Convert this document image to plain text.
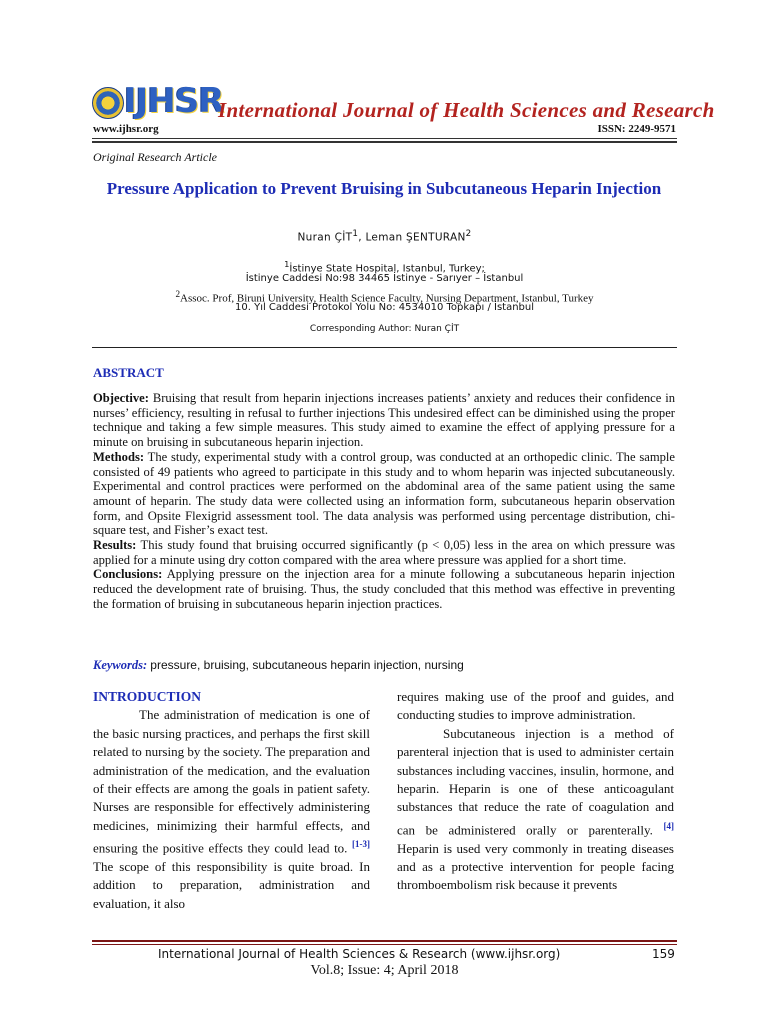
IJHSR
International Journal of Health Sciences and Research
www.ijhsr.org	ISSN: 2249-9571
Original Research Article
Pressure Application to Prevent Bruising in Subcutaneous Heparin Injection
Nuran ÇİT$^1$, Leman ŞENTURAN$^2$
$^1$İstinye State Hospital, Istanbul, Turkey;
İstinye Caddesi No:98 34465 İstinye - Sarıyer – İstanbul
$^2$Assoc. Prof, Biruni University, Health Science Faculty, Nursing Department, Istanbul, Turkey
10. Yıl Caddesi Protokol Yolu No: 4534010 Topkapı / İstanbul
Corresponding Author: Nuran ÇİT
ABSTRACT

Objective: Bruising that result from heparin injections increases patients’ anxiety and reduces their confidence in nurses’ efficiency, resulting in refusal to further injections This undesired effect can be diminished using the proper technique and taking a few simple measures. This study aimed to examine the effect of applying pressure for a minute on bruising in subcutaneous heparin injection.

Methods: The study, experimental study with a control group, was conducted at an orthopedic clinic. The sample consisted of 49 patients who agreed to participate in this study and to whom heparin was injected subcutaneously. Experimental and control practices were performed on the abdominal area of the same patient using the same amount of heparin. The study data were collected using an information form, subcutaneous heparin observation form, and Opsite Flexigrid assessment tool. The data analysis was performed using percentage distribution, chi-square test, and Fisher’s exact test.

Results: This study found that bruising occurred significantly (p < 0,05) less in the area on which pressure was applied for a minute using dry cotton compared with the area where pressure was applied for a short time.

Conclusions: Applying pressure on the injection area for a minute following a subcutaneous heparin injection reduced the development rate of bruising. Thus, the study concluded that this method was effective in preventing the formation of bruising in subcutaneous heparin injection practices.

Keywords: pressure, bruising, subcutaneous heparin injection, nursing

INTRODUCTION

The administration of medication is one of the basic nursing practices, and perhaps the first skill related to nursing by the society. The preparation and administration of the medication, and the evaluation of their effects are among the goals in patient safety. Nurses are responsible for effectively administering medicines, minimizing their harmful effects, and ensuring the positive effects they could lead to. [1-3] The scope of this responsibility is quite broad. In addition to preparation, administration and evaluation, it also

requires making use of the proof and guides, and conducting studies to improve administration.

Subcutaneous injection is a method of parenteral injection that is used to administer certain substances including vaccines, insulin, hormone, and heparin. Heparin is one of these anticoagulant substances that reduce the rate of coagulation and can be administered orally or parenterally. [4] Heparin is used very commonly in treating diseases and as a protective intervention for people facing thromboembolism risk because it prevents

International Journal of Health Sciences & Research (www.ijhsr.org)	159
Vol.8; Issue: 4; April 2018
